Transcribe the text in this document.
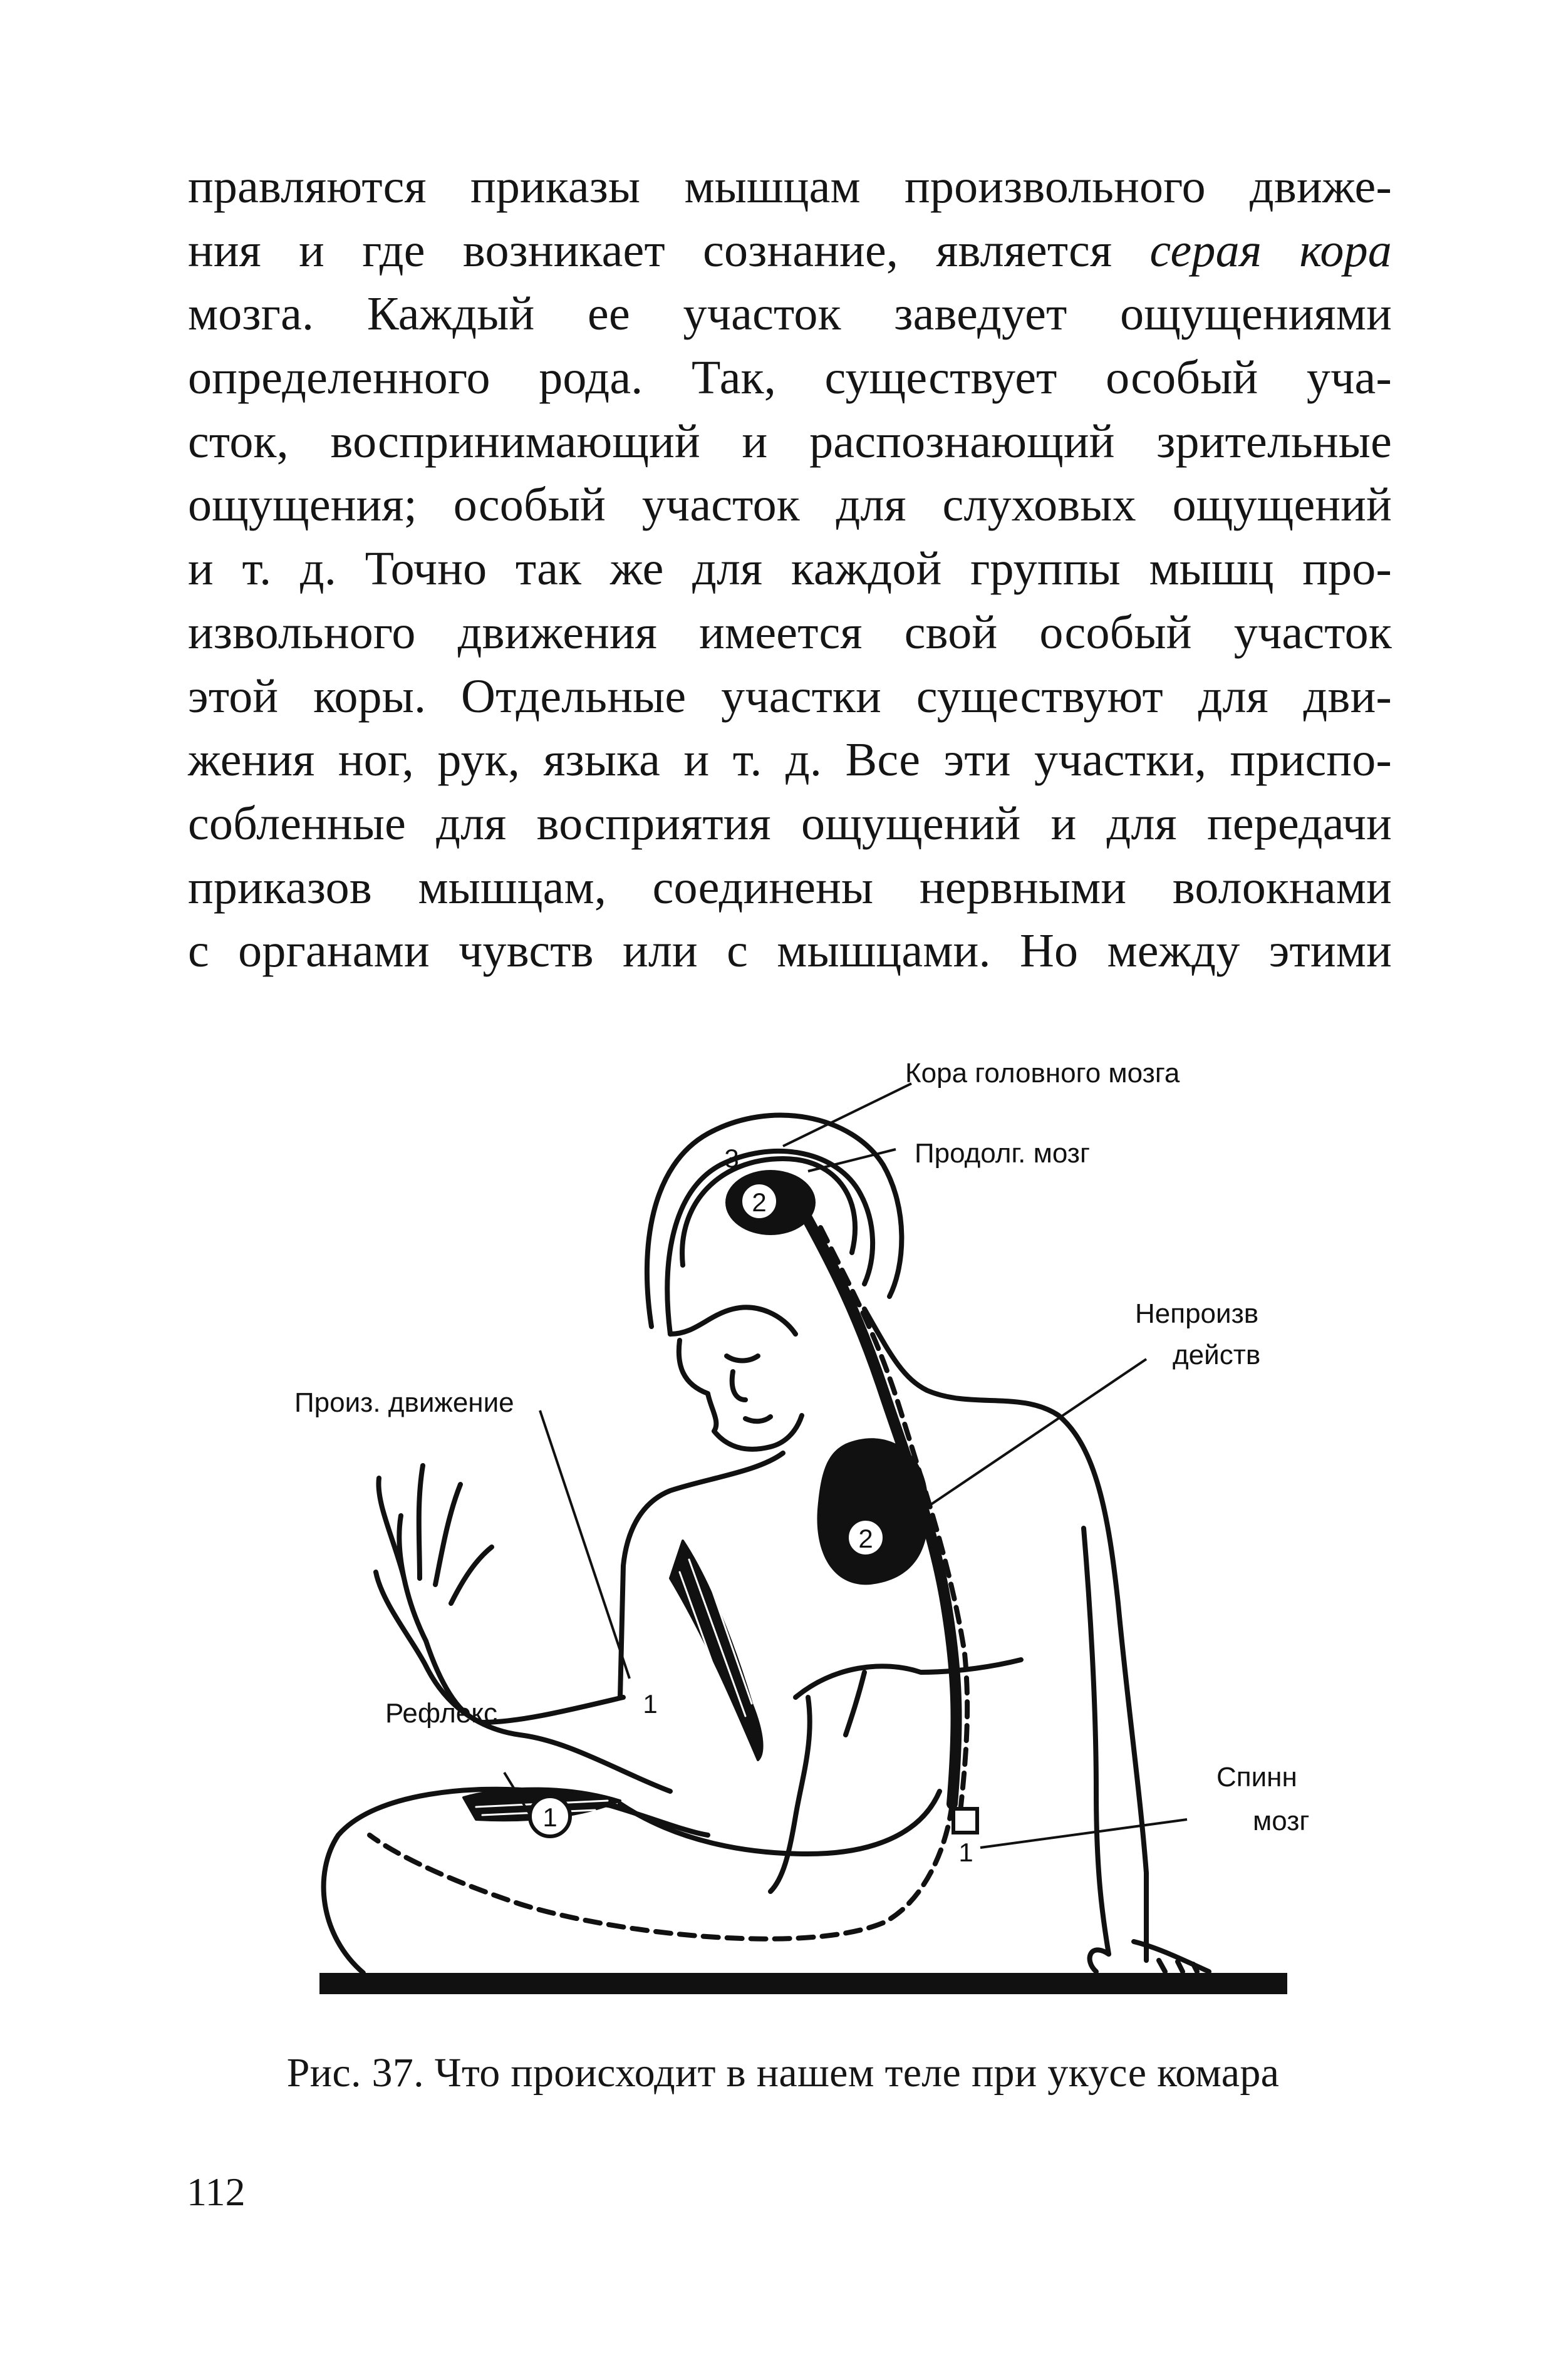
правляются приказы мышцам произвольного движе-
ния и где возникает сознание, является серая кора
мозга. Каждый ее участок заведует ощущениями
определенного рода. Так, существует особый уча-
сток, воспринимающий и распознающий зрительные
ощущения; особый участок для слуховых ощущений
и т. д. Точно так же для каждой группы мышц про-
извольного движения имеется свой особый участок
этой коры. Отдельные участки существуют для дви-
жения ног, рук, языка и т. д. Все эти участки, приспо-
собленные для восприятия ощущений и для передачи
приказов мышцам, соединены нервными волокнами
с органами чувств или с мышцами. Но между этими
2
3
2
1
1
1
Кора головного мозга
Продолг. мозг
Непроизв
действ
Произ. движение
Рефлекс
Спинн
мозг
Рис. 37. Что происходит в нашем теле при укусе комара
112
